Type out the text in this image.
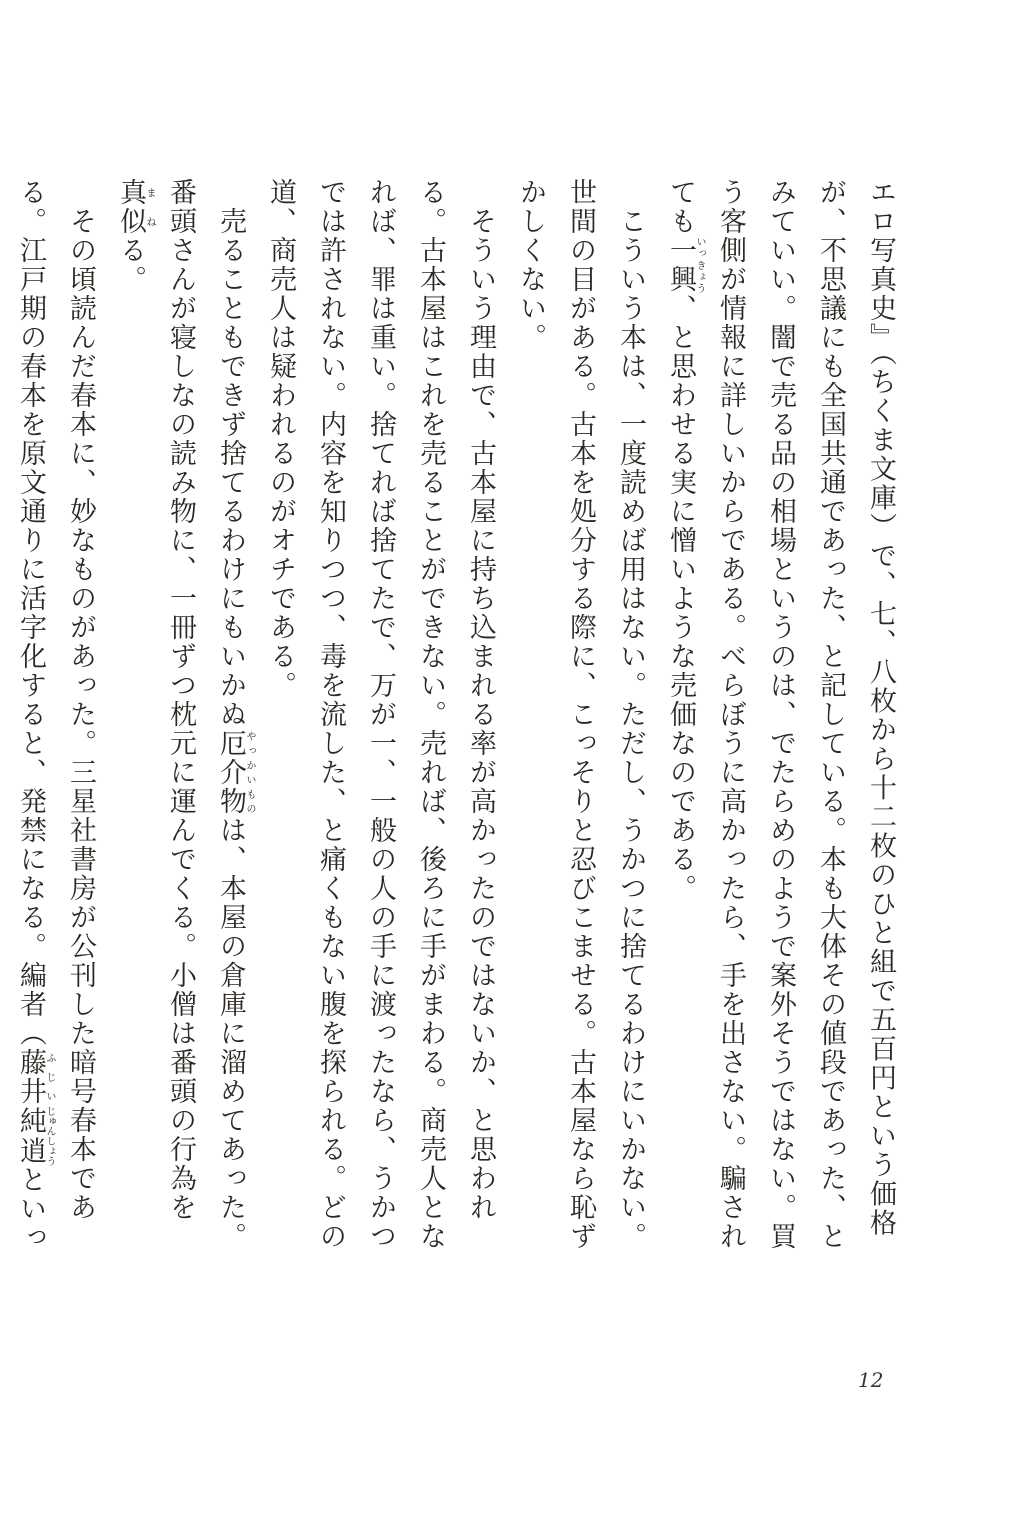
エロ写真史』（ちくま文庫）で、七、八枚から十二枚のひと組で五百円という価格が、不思議にも全国共通であった、と記している。本も大体その値段であった、とみていい。闇で売る品の相場というのは、でたらめのようで案外そうではない。買う客側が情報に詳しいからである。べらぼうに高かったら、手を出さない。騙されても一興いっきょう、と思わせる実に憎いような売価なのである。

　こういう本は、一度読めば用はない。ただし、うかつに捨てるわけにいかない。世間の目がある。古本を処分する際に、こっそりと忍びこませる。古本屋なら恥ずかしくない。

　そういう理由で、古本屋に持ち込まれる率が高かったのではないか、と思われる。古本屋はこれを売ることができない。売れば、後ろに手がまわる。商売人となれば、罪は重い。捨てれば捨てたで、万が一、一般の人の手に渡ったなら、うかつでは許されない。内容を知りつつ、毒を流した、と痛くもない腹を探られる。どの道、商売人は疑われるのがオチである。

　売ることもできず捨てるわけにもいかぬ厄介物やっかいものは、本屋の倉庫に溜めてあった。番頭さんが寝しなの読み物に、一冊ずつ枕元に運んでくる。小僧は番頭の行為を真似まねる。

　その頃読んだ春本に、妙なものがあった。三星社書房が公刊した暗号春本である。江戸期の春本を原文通りに活字化すると、発禁になる。編者（藤井ふじい純逍じゅんしょうといっ

12
